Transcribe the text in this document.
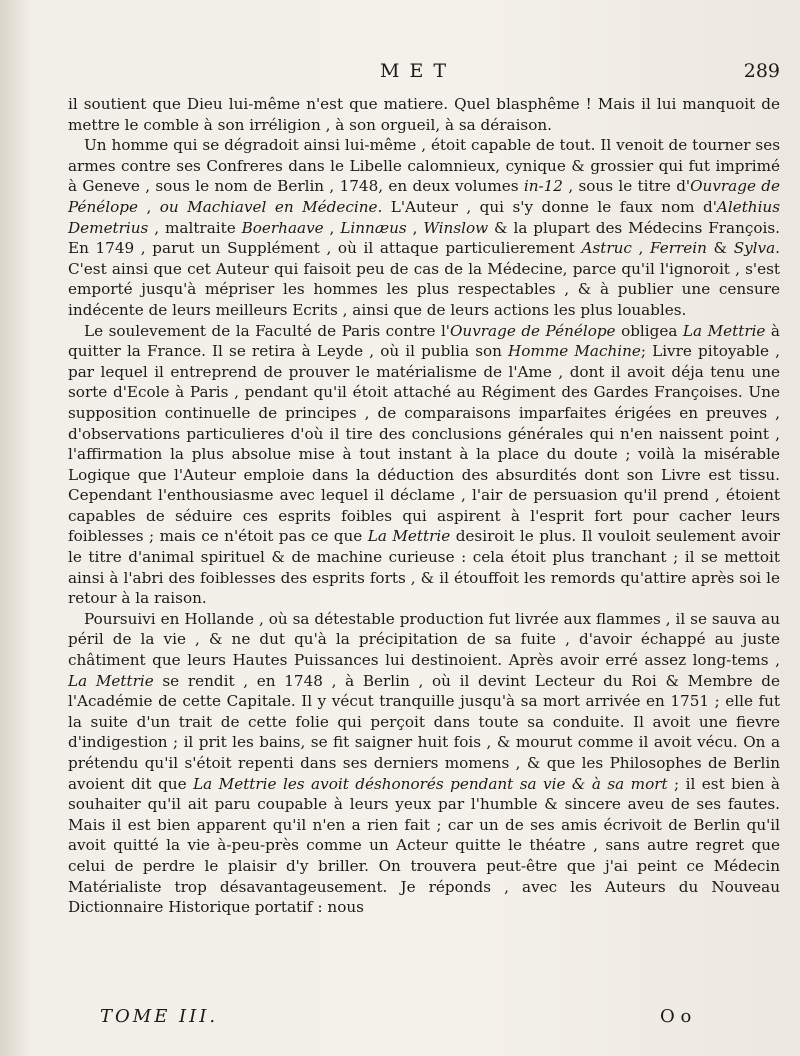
MET	289

il soutient que Dieu lui-même n'est que matiere. Quel blasphême ! Mais il lui manquoit de mettre le comble à son irréligion , à son orgueil, à sa déraison.

Un homme qui se dégradoit ainsi lui-même , étoit capable de tout. Il venoit de tourner ses armes contre ses Confreres dans le Libelle calomnieux, cynique & grossier qui fut imprimé à Geneve , sous le nom de Berlin , 1748, en deux volumes in-12 , sous le titre d'Ouvrage de Pénélope , ou Machiavel en Médecine. L'Auteur , qui s'y donne le faux nom d'Alethius Demetrius , maltraite Boerhaave , Linnæus , Winslow & la plupart des Médecins François. En 1749 , parut un Supplément , où il attaque particulierement Astruc , Ferrein & Sylva. C'est ainsi que cet Auteur qui faisoit peu de cas de la Médecine, parce qu'il l'ignoroit , s'est emporté jusqu'à mépriser les hommes les plus respectables , & à publier une censure indécente de leurs meilleurs Ecrits , ainsi que de leurs actions les plus louables.

Le soulevement de la Faculté de Paris contre l'Ouvrage de Pénélope obligea La Mettrie à quitter la France. Il se retira à Leyde , où il publia son Homme Machine; Livre pitoyable , par lequel il entreprend de prouver le matérialisme de l'Ame , dont il avoit déja tenu une sorte d'Ecole à Paris , pendant qu'il étoit attaché au Régiment des Gardes Françoises. Une supposition continuelle de principes , de comparaisons imparfaites érigées en preuves , d'observations particulieres d'où il tire des conclusions générales qui n'en naissent point , l'affirmation la plus absolue mise à tout instant à la place du doute ; voilà la misérable Logique que l'Auteur emploie dans la déduction des absurdités dont son Livre est tissu. Cependant l'enthousiasme avec lequel il déclame , l'air de persuasion qu'il prend , étoient capables de séduire ces esprits foibles qui aspirent à l'esprit fort pour cacher leurs foiblesses ; mais ce n'étoit pas ce que La Mettrie desiroit le plus. Il vouloit seulement avoir le titre d'animal spirituel & de machine curieuse : cela étoit plus tranchant ; il se mettoit ainsi à l'abri des foiblesses des esprits forts , & il étouffoit les remords qu'attire après soi le retour à la raison.

Poursuivi en Hollande , où sa détestable production fut livrée aux flammes , il se sauva au péril de la vie , & ne dut qu'à la précipitation de sa fuite , d'avoir échappé au juste châtiment que leurs Hautes Puissances lui destinoient. Après avoir erré assez long-tems , La Mettrie se rendit , en 1748 , à Berlin , où il devint Lecteur du Roi & Membre de l'Académie de cette Capitale. Il y vécut tranquille jusqu'à sa mort arrivée en 1751 ; elle fut la suite d'un trait de cette folie qui perçoit dans toute sa conduite. Il avoit une fievre d'indigestion ; il prit les bains, se fit saigner huit fois , & mourut comme il avoit vécu. On a prétendu qu'il s'étoit repenti dans ses derniers momens , & que les Philosophes de Berlin avoient dit que La Mettrie les avoit déshonorés pendant sa vie & à sa mort ; il est bien à souhaiter qu'il ait paru coupable à leurs yeux par l'humble & sincere aveu de ses fautes. Mais il est bien apparent qu'il n'en a rien fait ; car un de ses amis écrivoit de Berlin qu'il avoit quitté la vie à-peu-près comme un Acteur quitte le théatre , sans autre regret que celui de perdre le plaisir d'y briller. On trouvera peut-être que j'ai peint ce Médecin Matérialiste trop désavantageusement. Je réponds , avec les Auteurs du Nouveau Dictionnaire Historique portatif : nous

TOME III.	O o
